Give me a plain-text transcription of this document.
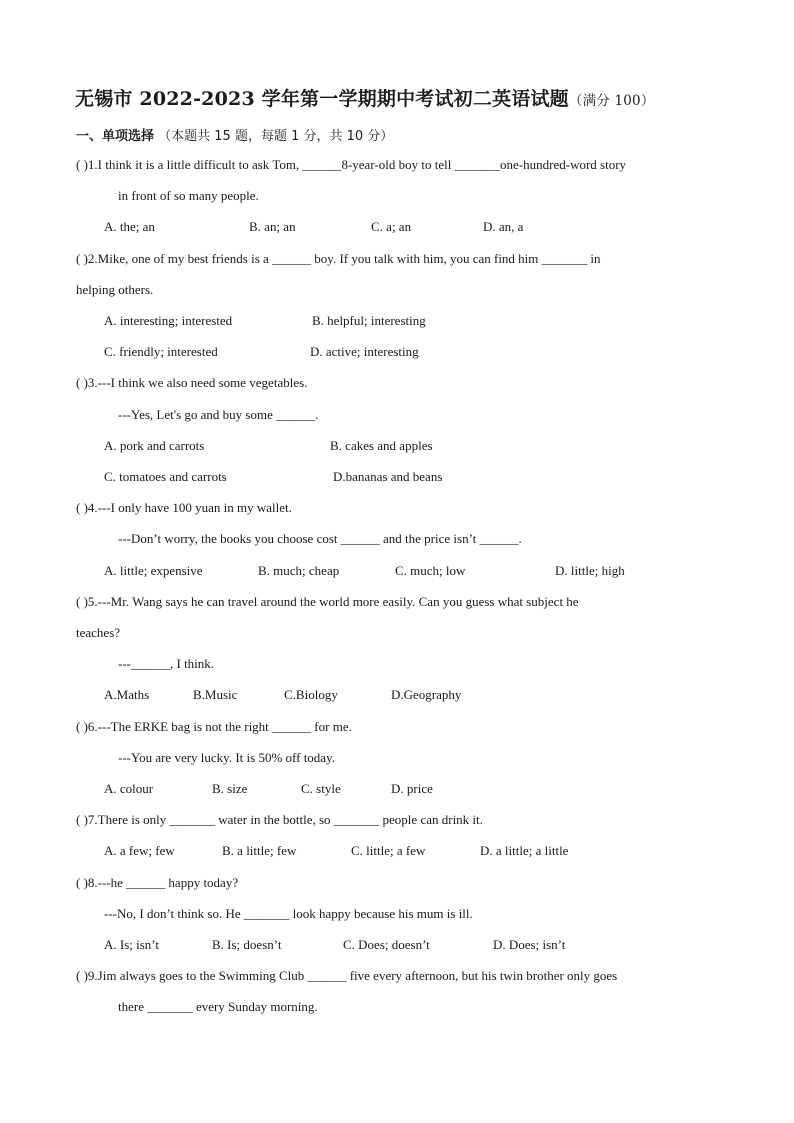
无锡市 2022-2023 学年第一学期期中考试初二英语试题（满分 100）
一、单项选择 （本题共 15 题，每题 1 分，共 10 分）
( )1.I think it is a little difficult to ask Tom, ______8-year-old boy to tell _______one-hundred-word story
in front of so many people.
A. the; an	B. an; an	C. a; an	D. an, a
( )2.Mike, one of my best friends is a ______ boy. If you talk with him, you can find him _______ in
helping others.
A. interesting; interested	B. helpful; interesting
C. friendly; interested	D. active; interesting
( )3.---I think we also need some vegetables.
---Yes, Let's go and buy some ______.
A. pork and carrots	B. cakes and apples
C. tomatoes and carrots	D.bananas and beans
( )4.---I only have 100 yuan in my wallet.
---Don’t worry, the books you choose cost ______ and the price isn’t ______.
A. little; expensive	B. much; cheap	C. much; low	D. little; high
( )5.---Mr. Wang says he can travel around the world more easily. Can you guess what subject he
teaches?
---______, I think.
A.Maths	B.Music	C.Biology	D.Geography
( )6.---The ERKE bag is not the right ______ for me.
---You are very lucky. It is 50% off today.
A. colour	B. size	C. style	D. price
( )7.There is only _______ water in the bottle, so _______ people can drink it.
A. a few; few	B. a little; few	C. little; a few	D. a little; a little
( )8.---he ______ happy today?
---No, I don’t think so. He _______ look happy because his mum is ill.
A. Is; isn’t	B. Is; doesn’t	C. Does; doesn’t	D. Does; isn’t
( )9.Jim always goes to the Swimming Club ______ five every afternoon, but his twin brother only goes
there _______ every Sunday morning.
